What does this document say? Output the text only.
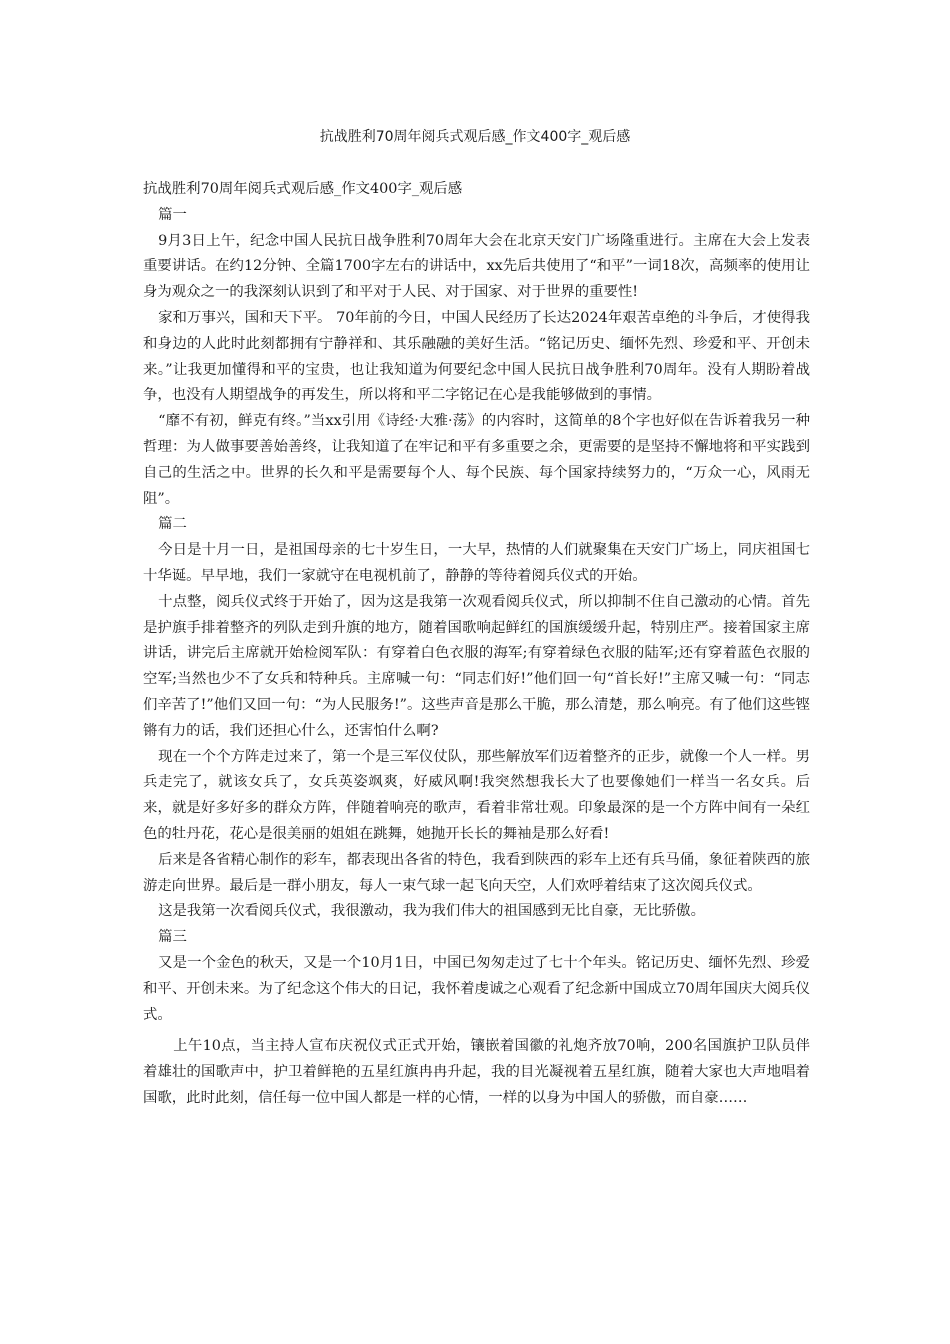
抗战胜利70周年阅兵式观后感_作文400字_观后感

抗战胜利70周年阅兵式观后感_作文400字_观后感

篇一

9月3日上午，纪念中国人民抗日战争胜利70周年大会在北京天安门广场隆重进行。主席在大会上发表重要讲话。在约12分钟、全篇1700字左右的讲话中，xx先后共使用了“和平”一词18次，高频率的使用让身为观众之一的我深刻认识到了和平对于人民、对于国家、对于世界的重要性!

家和万事兴，国和天下平。 70年前的今日，中国人民经历了长达2024年艰苦卓绝的斗争后，才使得我和身边的人此时此刻都拥有宁静祥和、其乐融融的美好生活。“铭记历史、缅怀先烈、珍爱和平、开创未来。”让我更加懂得和平的宝贵，也让我知道为何要纪念中国人民抗日战争胜利70周年。没有人期盼着战争，也没有人期望战争的再发生，所以将和平二字铭记在心是我能够做到的事情。

“靡不有初，鲜克有终。”当xx引用《诗经·大雅·荡》的内容时，这简单的8个字也好似在告诉着我另一种哲理：为人做事要善始善终，让我知道了在牢记和平有多重要之余，更需要的是坚持不懈地将和平实践到自己的生活之中。世界的长久和平是需要每个人、每个民族、每个国家持续努力的，“万众一心，风雨无阻”。

篇二

今日是十月一日，是祖国母亲的七十岁生日，一大早，热情的人们就聚集在天安门广场上，同庆祖国七十华诞。早早地，我们一家就守在电视机前了，静静的等待着阅兵仪式的开始。

十点整，阅兵仪式终于开始了，因为这是我第一次观看阅兵仪式，所以抑制不住自己激动的心情。首先是护旗手排着整齐的列队走到升旗的地方，随着国歌响起鲜红的国旗缓缓升起，特别庄严。接着国家主席讲话，讲完后主席就开始检阅军队：有穿着白色衣服的海军;有穿着绿色衣服的陆军;还有穿着蓝色衣服的空军;当然也少不了女兵和特种兵。主席喊一句：“同志们好!”他们回一句“首长好!”主席又喊一句：“同志们辛苦了!”他们又回一句：“为人民服务!”。这些声音是那么干脆，那么清楚，那么响亮。有了他们这些铿锵有力的话，我们还担心什么，还害怕什么啊?

现在一个个方阵走过来了，第一个是三军仪仗队，那些解放军们迈着整齐的正步，就像一个人一样。男兵走完了，就该女兵了，女兵英姿飒爽，好威风啊!我突然想我长大了也要像她们一样当一名女兵。后来，就是好多好多的群众方阵，伴随着响亮的歌声，看着非常壮观。印象最深的是一个方阵中间有一朵红色的牡丹花，花心是很美丽的姐姐在跳舞，她抛开长长的舞袖是那么好看!

后来是各省精心制作的彩车，都表现出各省的特色，我看到陕西的彩车上还有兵马俑，象征着陕西的旅游走向世界。最后是一群小朋友，每人一束气球一起飞向天空，人们欢呼着结束了这次阅兵仪式。

这是我第一次看阅兵仪式，我很激动，我为我们伟大的祖国感到无比自豪，无比骄傲。

篇三

又是一个金色的秋天，又是一个10月1日，中国已匆匆走过了七十个年头。铭记历史、缅怀先烈、珍爱和平、开创未来。为了纪念这个伟大的日记，我怀着虔诚之心观看了纪念新中国成立70周年国庆大阅兵仪式。

上午10点，当主持人宣布庆祝仪式正式开始，镶嵌着国徽的礼炮齐放70响，200名国旗护卫队员伴着雄壮的国歌声中，护卫着鲜艳的五星红旗冉冉升起，我的目光凝视着五星红旗，随着大家也大声地唱着国歌，此时此刻，信任每一位中国人都是一样的心情，一样的以身为中国人的骄傲，而自豪……
